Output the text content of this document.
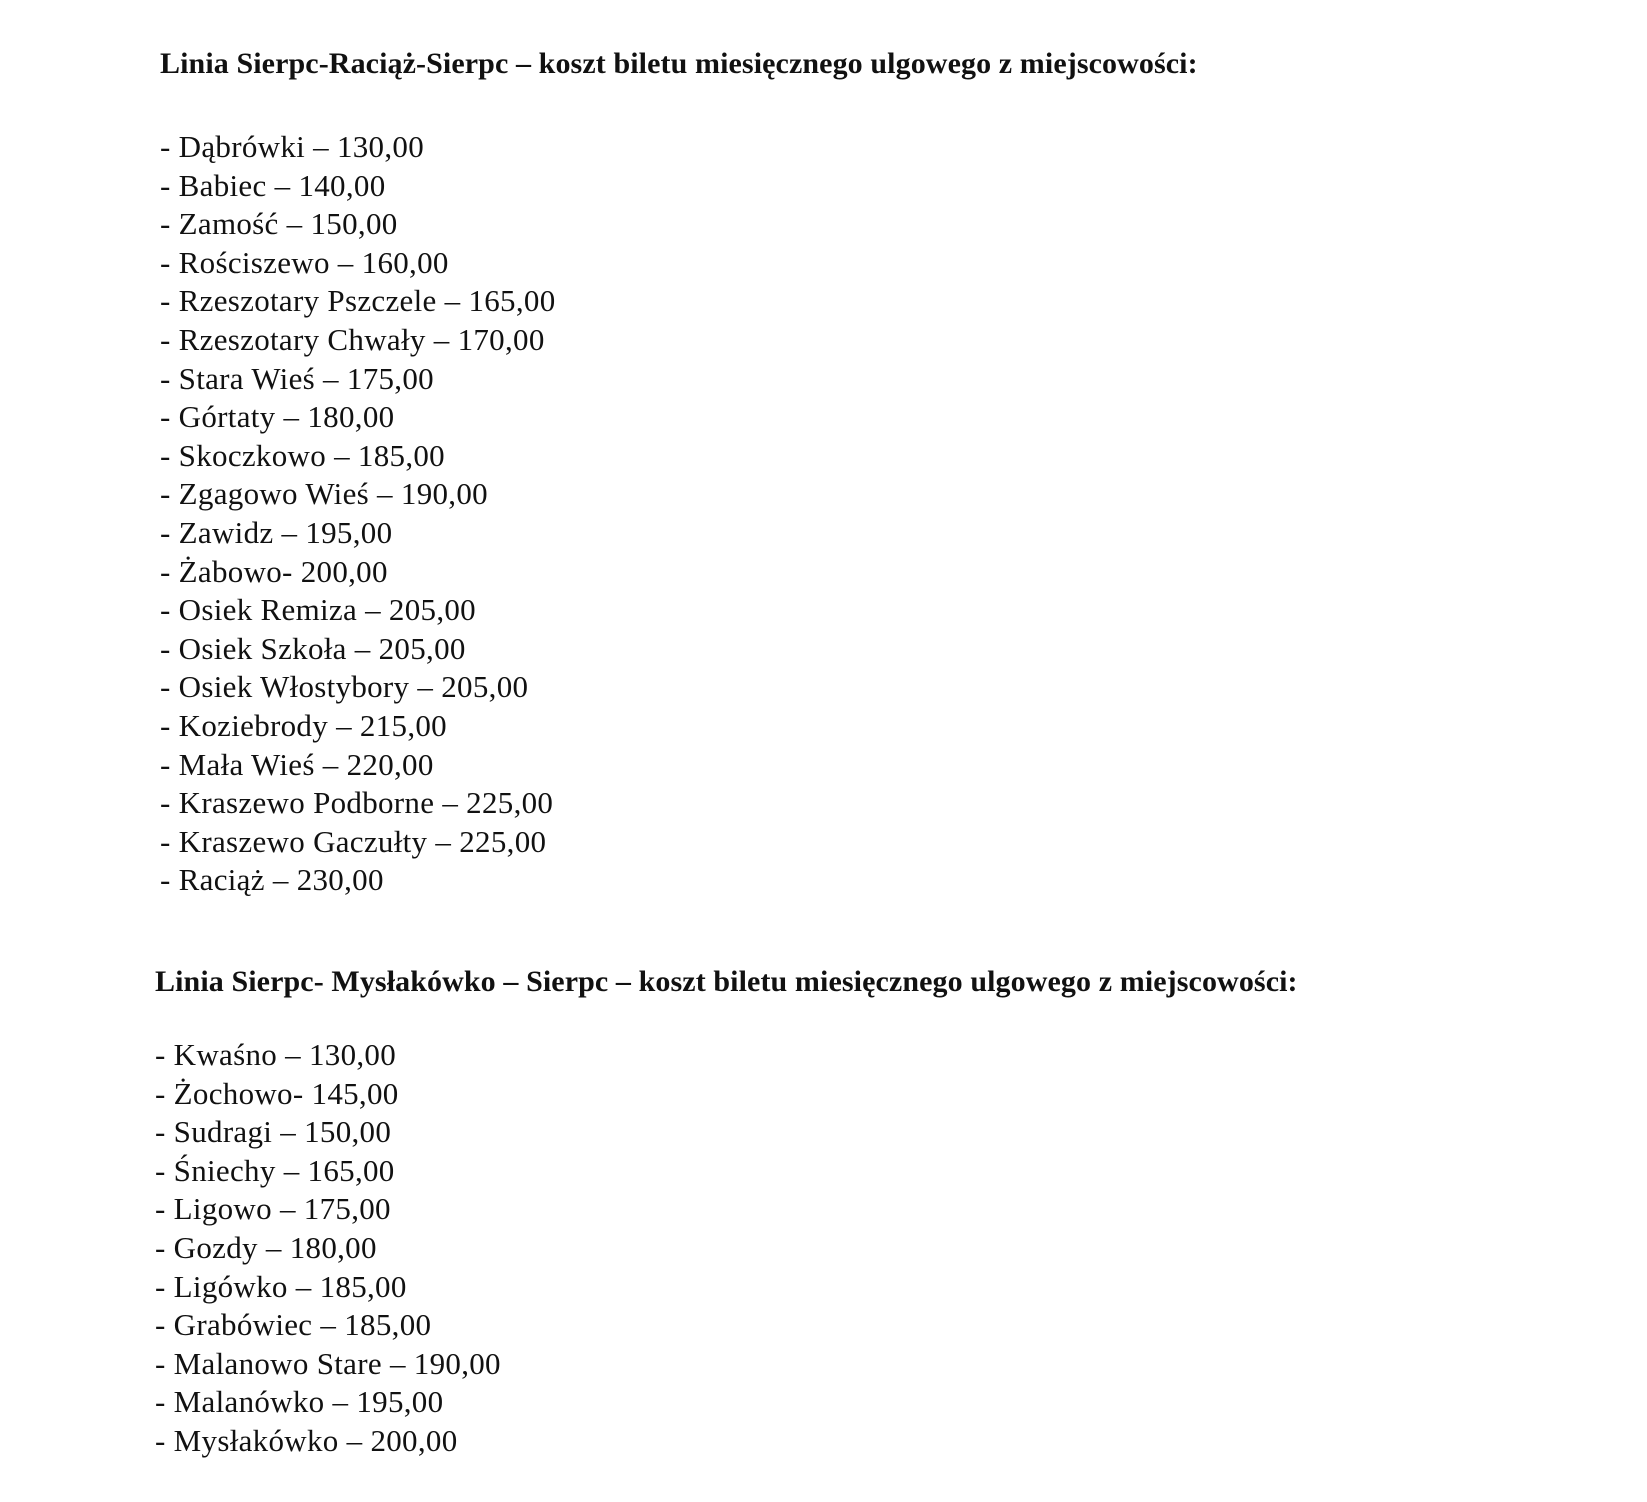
Linia Sierpc-Raciąż-Sierpc – koszt biletu miesięcznego ulgowego z miejscowości:
- Dąbrówki – 130,00
- Babiec – 140,00
- Zamość – 150,00
- Rościszewo – 160,00
- Rzeszotary Pszczele – 165,00
- Rzeszotary Chwały – 170,00
- Stara Wieś – 175,00
- Górtaty – 180,00
- Skoczkowo – 185,00
- Zgagowo Wieś – 190,00
- Zawidz – 195,00
- Żabowo- 200,00
- Osiek Remiza – 205,00
- Osiek Szkoła – 205,00
- Osiek Włostybory – 205,00
- Koziebrody – 215,00
- Mała Wieś – 220,00
- Kraszewo Podborne – 225,00
- Kraszewo Gaczułty – 225,00
- Raciąż – 230,00
Linia Sierpc- Mysłakówko – Sierpc – koszt biletu miesięcznego ulgowego z miejscowości:
- Kwaśno – 130,00
- Żochowo- 145,00
- Sudragi – 150,00
- Śniechy – 165,00
- Ligowo – 175,00
- Gozdy – 180,00
- Ligówko – 185,00
- Grabówiec – 185,00
- Malanowo Stare – 190,00
- Malanówko – 195,00
- Mysłakówko – 200,00
